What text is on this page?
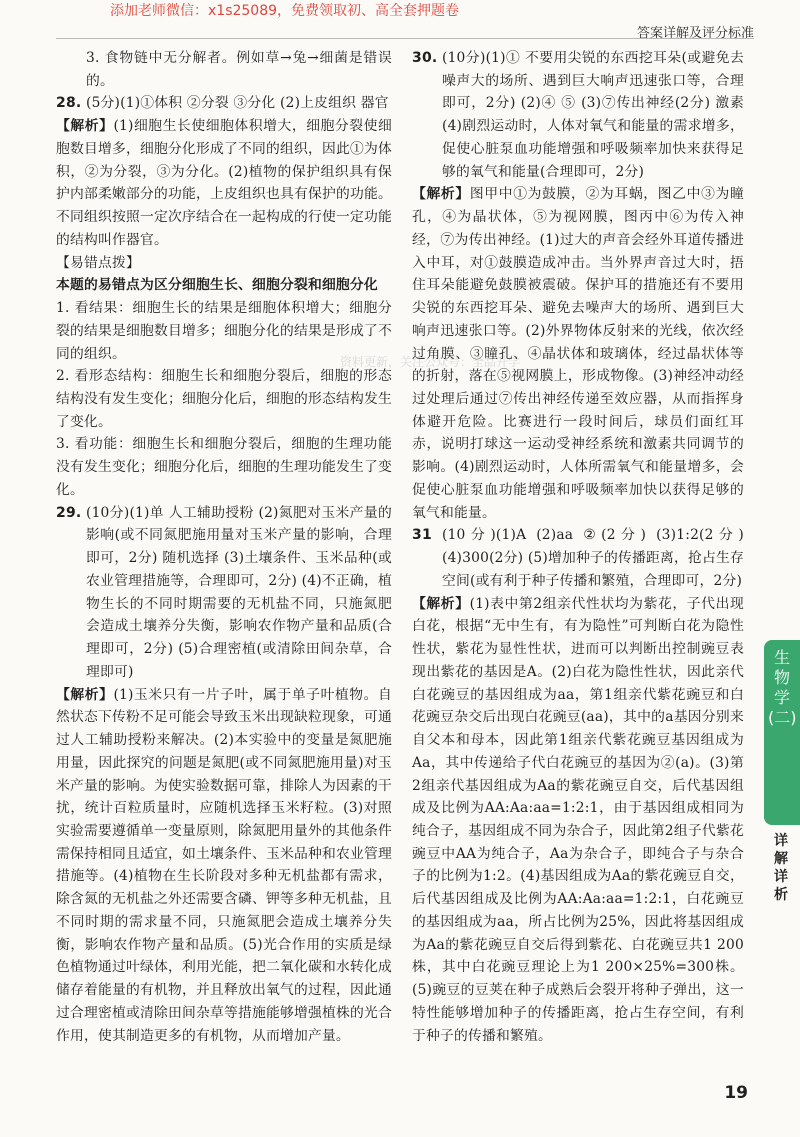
添加老师微信：x1s25089，免费领取初、高全套押题卷
答案详解及评分标准
资料更新，关注公众号：全品升学

3. 食物链中无分解者。例如草→兔→细菌是错误的。

28. (5分)(1)①体积 ②分裂 ③分化 (2)上皮组织 器官

【解析】(1)细胞生长使细胞体积增大，细胞分裂使细胞数目增多，细胞分化形成了不同的组织，因此①为体积，②为分裂，③为分化。(2)植物的保护组织具有保护内部柔嫩部分的功能，上皮组织也具有保护的功能。不同组织按照一定次序结合在一起构成的行使一定功能的结构叫作器官。

【易错点拨】

本题的易错点为区分细胞生长、细胞分裂和细胞分化

1. 看结果：细胞生长的结果是细胞体积增大；细胞分裂的结果是细胞数目增多；细胞分化的结果是形成了不同的组织。

2. 看形态结构：细胞生长和细胞分裂后，细胞的形态结构没有发生变化；细胞分化后，细胞的形态结构发生了变化。

3. 看功能：细胞生长和细胞分裂后，细胞的生理功能没有发生变化；细胞分化后，细胞的生理功能发生了变化。

29. (10分)(1)单 人工辅助授粉 (2)氮肥对玉米产量的影响(或不同氮肥施用量对玉米产量的影响，合理即可，2分) 随机选择 (3)土壤条件、玉米品种(或农业管理措施等，合理即可，2分) (4)不正确，植物生长的不同时期需要的无机盐不同，只施氮肥会造成土壤养分失衡，影响农作物产量和品质(合理即可，2分) (5)合理密植(或清除田间杂草，合理即可)

【解析】(1)玉米只有一片子叶，属于单子叶植物。自然状态下传粉不足可能会导致玉米出现缺粒现象，可通过人工辅助授粉来解决。(2)本实验中的变量是氮肥施用量，因此探究的问题是氮肥(或不同氮肥施用量)对玉米产量的影响。为使实验数据可靠，排除人为因素的干扰，统计百粒质量时，应随机选择玉米籽粒。(3)对照实验需要遵循单一变量原则，除氮肥用量外的其他条件需保持相同且适宜，如土壤条件、玉米品种和农业管理措施等。(4)植物在生长阶段对多种无机盐都有需求，除含氮的无机盐之外还需要含磷、钾等多种无机盐，且不同时期的需求量不同，只施氮肥会造成土壤养分失衡，影响农作物产量和品质。(5)光合作用的实质是绿色植物通过叶绿体，利用光能，把二氧化碳和水转化成储存着能量的有机物，并且释放出氧气的过程，因此通过合理密植或清除田间杂草等措施能够增强植株的光合作用，使其制造更多的有机物，从而增加产量。

30. (10分)(1)① 不要用尖锐的东西挖耳朵(或避免去噪声大的场所、遇到巨大响声迅速张口等，合理即可，2分) (2)④ ⑤ (3)⑦传出神经(2分) 激素 (4)剧烈运动时，人体对氧气和能量的需求增多，促使心脏泵血功能增强和呼吸频率加快来获得足够的氧气和能量(合理即可，2分)

【解析】图甲中①为鼓膜，②为耳蜗，图乙中③为瞳孔，④为晶状体，⑤为视网膜，图丙中⑥为传入神经，⑦为传出神经。(1)过大的声音会经外耳道传播进入中耳，对①鼓膜造成冲击。当外界声音过大时，捂住耳朵能避免鼓膜被震破。保护耳的措施还有不要用尖锐的东西挖耳朵、避免去噪声大的场所、遇到巨大响声迅速张口等。(2)外界物体反射来的光线，依次经过角膜、③瞳孔、④晶状体和玻璃体，经过晶状体等的折射，落在⑤视网膜上，形成物像。(3)神经冲动经过处理后通过⑦传出神经传递至效应器，从而指挥身体避开危险。比赛进行一段时间后，球员们面红耳赤，说明打球这一运动受神经系统和激素共同调节的影响。(4)剧烈运动时，人体所需氧气和能量增多，会促使心脏泵血功能增强和呼吸频率加快以获得足够的氧气和能量。

31 (10分)(1)A (2)aa ②(2分) (3)1:2(2分) (4)300(2分) (5)增加种子的传播距离，抢占生存空间(或有利于种子传播和繁殖，合理即可，2分)

【解析】(1)表中第2组亲代性状均为紫花，子代出现白花，根据“无中生有，有为隐性”可判断白花为隐性性状，紫花为显性性状，进而可以判断出控制豌豆表现出紫花的基因是A。(2)白花为隐性性状，因此亲代白花豌豆的基因组成为aa，第1组亲代紫花豌豆和白花豌豆杂交后出现白花豌豆(aa)，其中的a基因分别来自父本和母本，因此第1组亲代紫花豌豆基因组成为Aa，其中传递给子代白花豌豆的基因为②(a)。(3)第2组亲代基因组成为Aa的紫花豌豆自交，后代基因组成及比例为AA:Aa:aa=1:2:1，由于基因组成相同为纯合子，基因组成不同为杂合子，因此第2组子代紫花豌豆中AA为纯合子，Aa为杂合子，即纯合子与杂合子的比例为1:2。(4)基因组成为Aa的紫花豌豆自交，后代基因组成及比例为AA:Aa:aa=1:2:1，白花豌豆的基因组成为aa，所占比例为25%，因此将基因组成为Aa的紫花豌豆自交后得到紫花、白花豌豆共1 200株，其中白花豌豆理论上为1 200×25%=300株。(5)豌豆的豆荚在种子成熟后会裂开将种子弹出，这一特性能够增加种子的传播距离，抢占生存空间，有利于种子的传播和繁殖。

生物学(二)
详解详析
19
